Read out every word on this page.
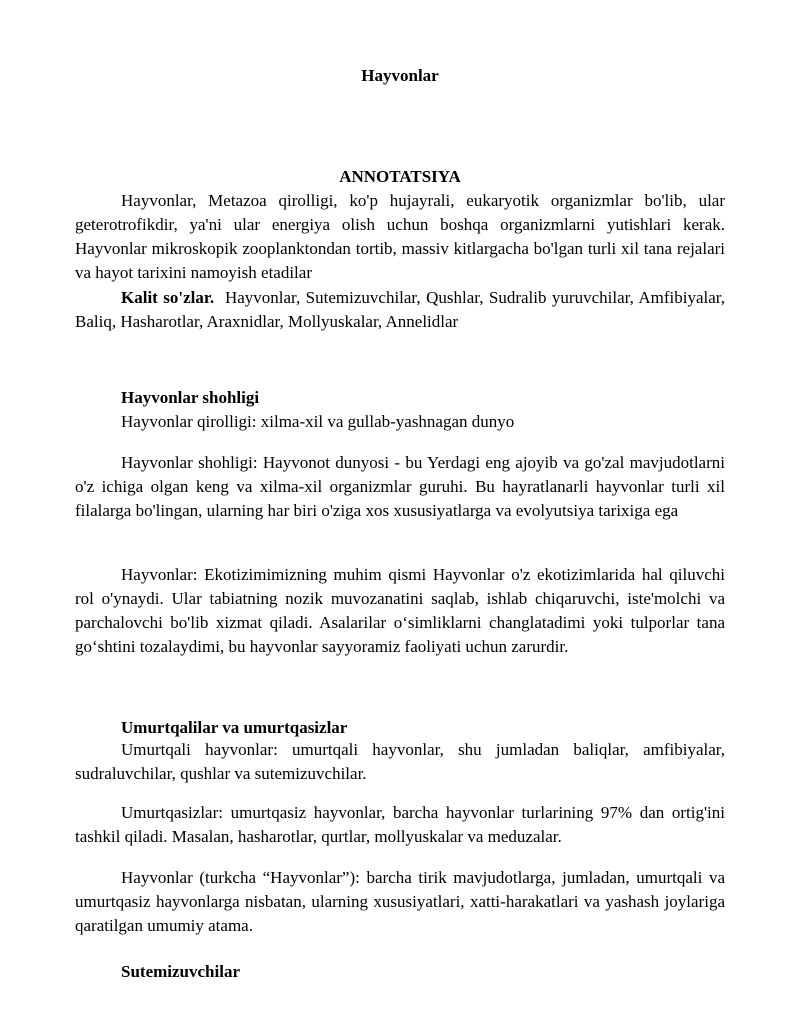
Hayvonlar
ANNOTATSIYA

Hayvonlar, Metazoa qirolligi, ko'p hujayrali, eukaryotik organizmlar bo'lib, ular geterotrofikdir, ya'ni ular energiya olish uchun boshqa organizmlarni yutishlari kerak. Hayvonlar mikroskopik zooplanktondan tortib, massiv kitlargacha bo'lgan turli xil tana rejalari va hayot tarixini namoyish etadilar

Kalit so'zlar. Hayvonlar, Sutemizuvchilar, Qushlar, Sudralib yuruvchilar, Amfibiyalar, Baliq, Hasharotlar, Araxnidlar, Mollyuskalar, Annelidlar

Hayvonlar shohligi

Hayvonlar qirolligi: xilma-xil va gullab-yashnagan dunyo

Hayvonlar shohligi: Hayvonot dunyosi - bu Yerdagi eng ajoyib va go'zal mavjudotlarni o'z ichiga olgan keng va xilma-xil organizmlar guruhi. Bu hayratlanarli hayvonlar turli xil filalarga bo'lingan, ularning har biri o'ziga xos xususiyatlarga va evolyutsiya tarixiga ega

Hayvonlar: Ekotizimimizning muhim qismi Hayvonlar o'z ekotizimlarida hal qiluvchi rol o'ynaydi. Ular tabiatning nozik muvozanatini saqlab, ishlab chiqaruvchi, iste'molchi va parchalovchi bo'lib xizmat qiladi. Asalarilar o‘simliklarni changlatadimi yoki tulporlar tana go‘shtini tozalaydimi, bu hayvonlar sayyoramiz faoliyati uchun zarurdir.

Umurtqalilar va umurtqasizlar

Umurtqali hayvonlar: umurtqali hayvonlar, shu jumladan baliqlar, amfibiyalar, sudraluvchilar, qushlar va sutemizuvchilar.

Umurtqasizlar: umurtqasiz hayvonlar, barcha hayvonlar turlarining 97% dan ortig'ini tashkil qiladi. Masalan, hasharotlar, qurtlar, mollyuskalar va meduzalar.

Hayvonlar (turkcha “Hayvonlar”): barcha tirik mavjudotlarga, jumladan, umurtqali va umurtqasiz hayvonlarga nisbatan, ularning xususiyatlari, xatti-harakatlari va yashash joylariga qaratilgan umumiy atama.

Sutemizuvchilar
